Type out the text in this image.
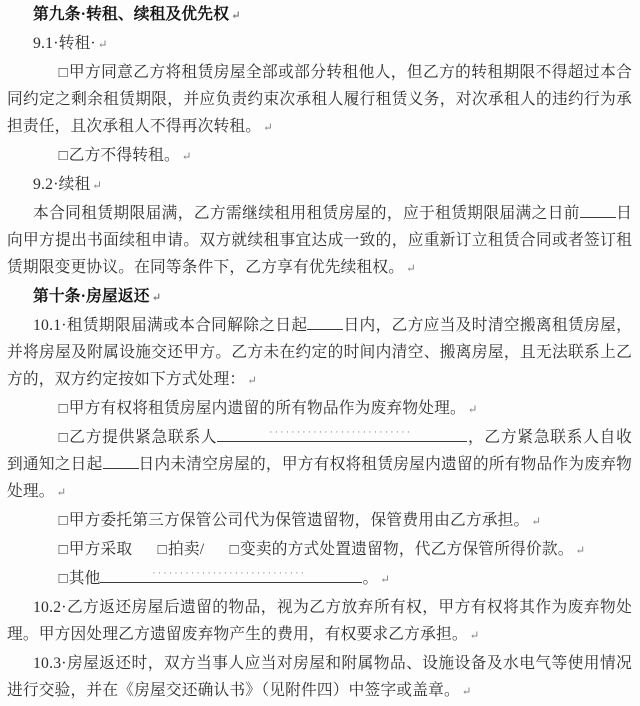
第九条·转租、续租及优先权 ↵

9.1·转租· ↵

□甲方同意乙方将租赁房屋全部或部分转租他人，但乙方的转租期限不得超过本合同约定之剩余租赁期限，并应负责约束次承租人履行租赁义务，对次承租人的违约行为承担责任，且次承租人不得再次转租。 ↵

□乙方不得转租。 ↵

9.2·续租 ↵

本合同租赁期限届满，乙方需继续租用租赁房屋的，应于租赁期限届满之日前 日向甲方提出书面续租申请。双方就续租事宜达成一致的，应重新订立租赁合同或者签订租赁期限变更协议。在同等条件下，乙方享有优先续租权。 ↵

第十条·房屋返还 ↵

10.1·租赁期限届满或本合同解除之日起 日内，乙方应当及时清空搬离租赁房屋，并将房屋及附属设施交还甲方。乙方未在约定的时间内清空、搬离房屋，且无法联系上乙方的，双方约定按如下方式处理： ↵

□甲方有权将租赁房屋内遗留的所有物品作为废弃物处理。 ↵

□乙方提供紧急联系人	··························	，乙方紧急联系人自收到通知之日起 日内未清空房屋的，甲方有权将租赁房屋内遗留的所有物品作为废弃物处理。 ↵

□甲方委托第三方保管公司代为保管遗留物，保管费用由乙方承担。 ↵

□甲方采取 □拍卖/ □变卖的方式处置遗留物，代乙方保管所得价款。 ↵

□其他	····························	。 ↵

10.2·乙方返还房屋后遗留的物品，视为乙方放弃所有权，甲方有权将其作为废弃物处理。甲方因处理乙方遗留废弃物产生的费用，有权要求乙方承担。 ↵

10.3·房屋返还时，双方当事人应当对房屋和附属物品、设施设备及水电气等使用情况进行交验，并在《房屋交还确认书》（见附件四）中签字或盖章。 ↵
